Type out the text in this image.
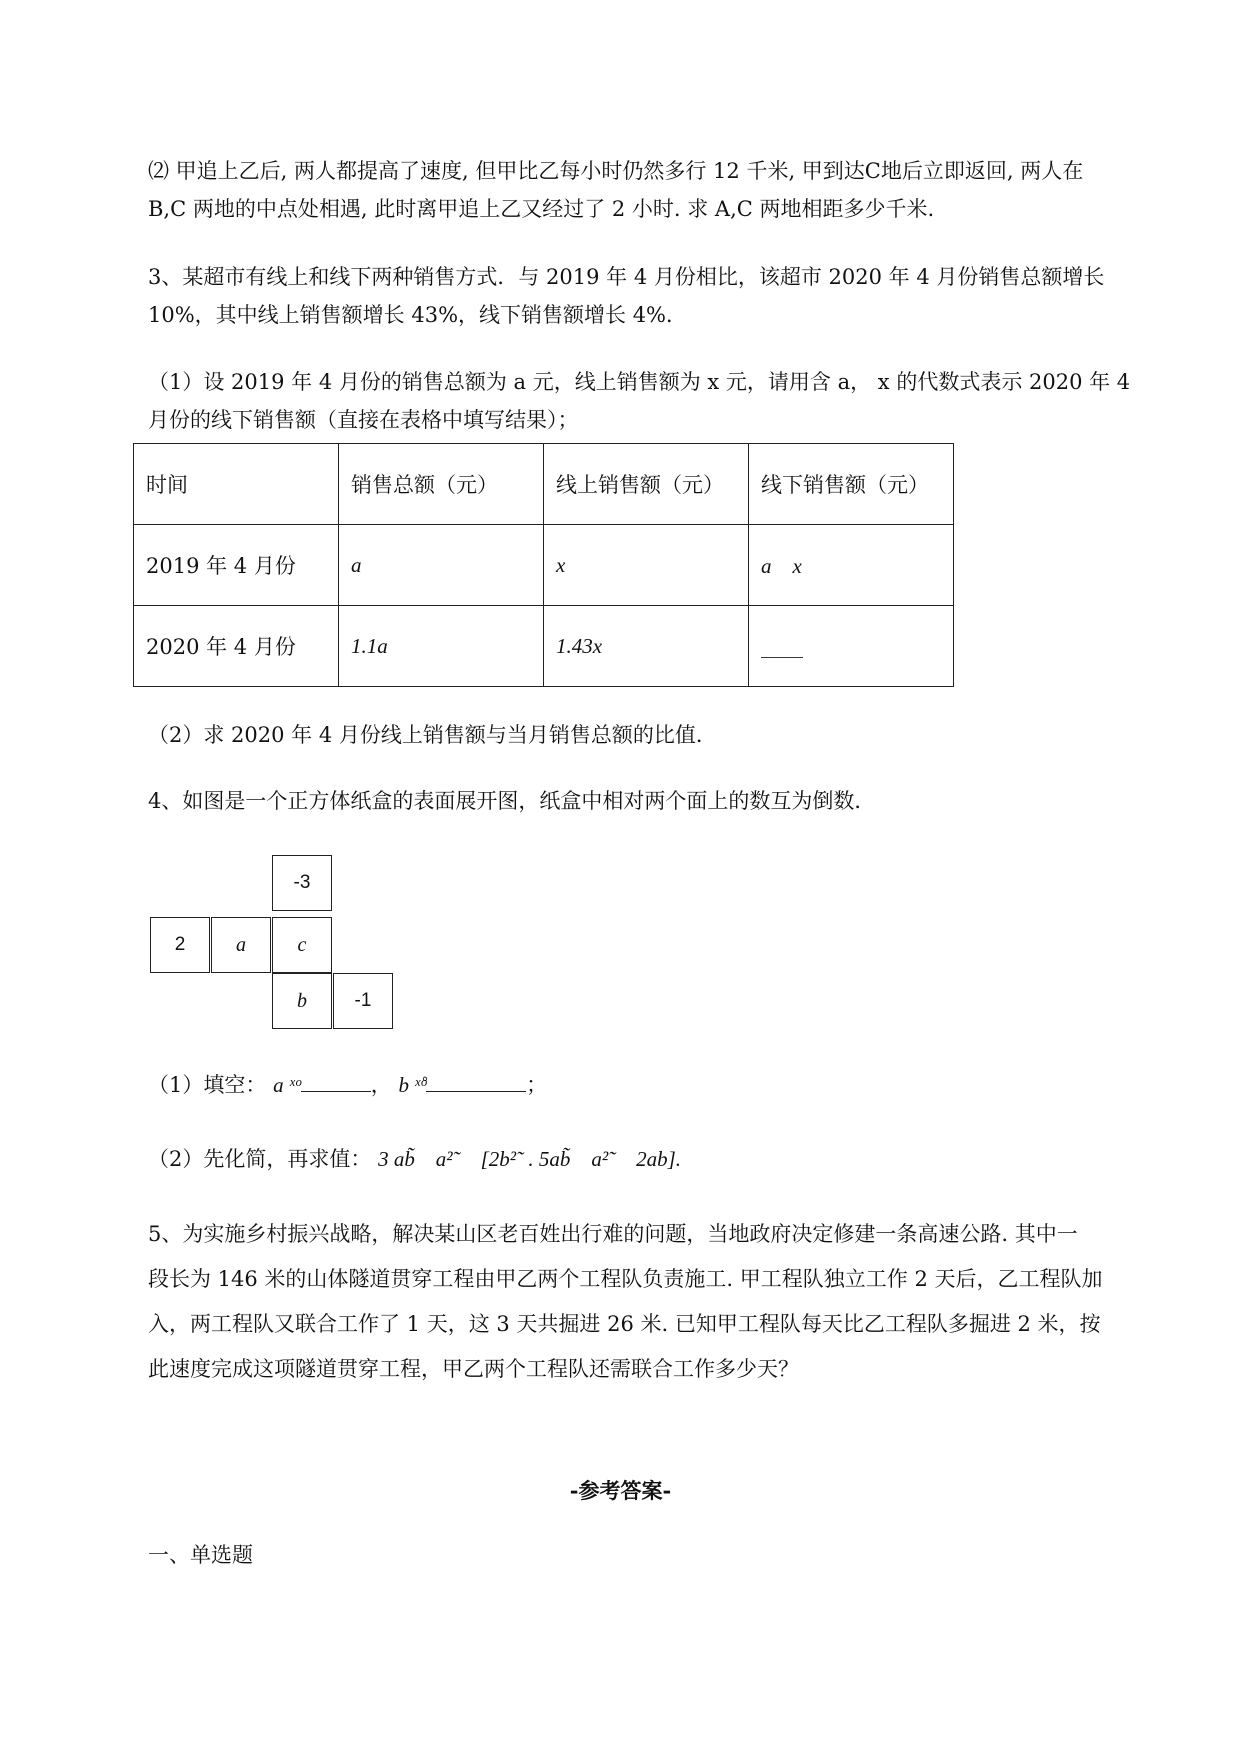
⑵ 甲追上乙后, 两人都提高了速度, 但甲比乙每小时仍然多行 12 千米, 甲到达C地后立即返回, 两人在
B,C 两地的中点处相遇, 此时离甲追上乙又经过了 2 小时. 求 A,C 两地相距多少千米.
3、某超市有线上和线下两种销售方式．与 2019 年 4 月份相比，该超市 2020 年 4 月份销售总额增长
10%，其中线上销售额增长 43%，线下销售额增长 4%．
（1）设 2019 年 4 月份的销售总额为 a 元，线上销售额为 x 元，请用含 a， x 的代数式表示 2020 年 4
月份的线下销售额（直接在表格中填写结果）；
时间	销售总额（元）	线上销售额（元）	线下销售额（元）
2019 年 4 月份	a	x	a　x
2020 年 4 月份	1.1a	1.43x	____
（2）求 2020 年 4 月份线上销售额与当月销售总额的比值．
4、如图是一个正方体纸盒的表面展开图，纸盒中相对两个面上的数互为倒数．
-3
2	a	c
b	-1
（1）填空： a ˣᵒ	， b ˣ̊ᵒ	；
（2）先化简，再求值： 3 ab̃　a²˜　[2b²˜ . 5ab̃　a²˜　2ab].
5、为实施乡村振兴战略，解决某山区老百姓出行难的问题，当地政府决定修建一条高速公路. 其中一
段长为 146 米的山体隧道贯穿工程由甲乙两个工程队负责施工. 甲工程队独立工作 2 天后，乙工程队加
入，两工程队又联合工作了 1 天，这 3 天共掘进 26 米. 已知甲工程队每天比乙工程队多掘进 2 米，按
此速度完成这项隧道贯穿工程，甲乙两个工程队还需联合工作多少天？
-参考答案-
一、单选题
